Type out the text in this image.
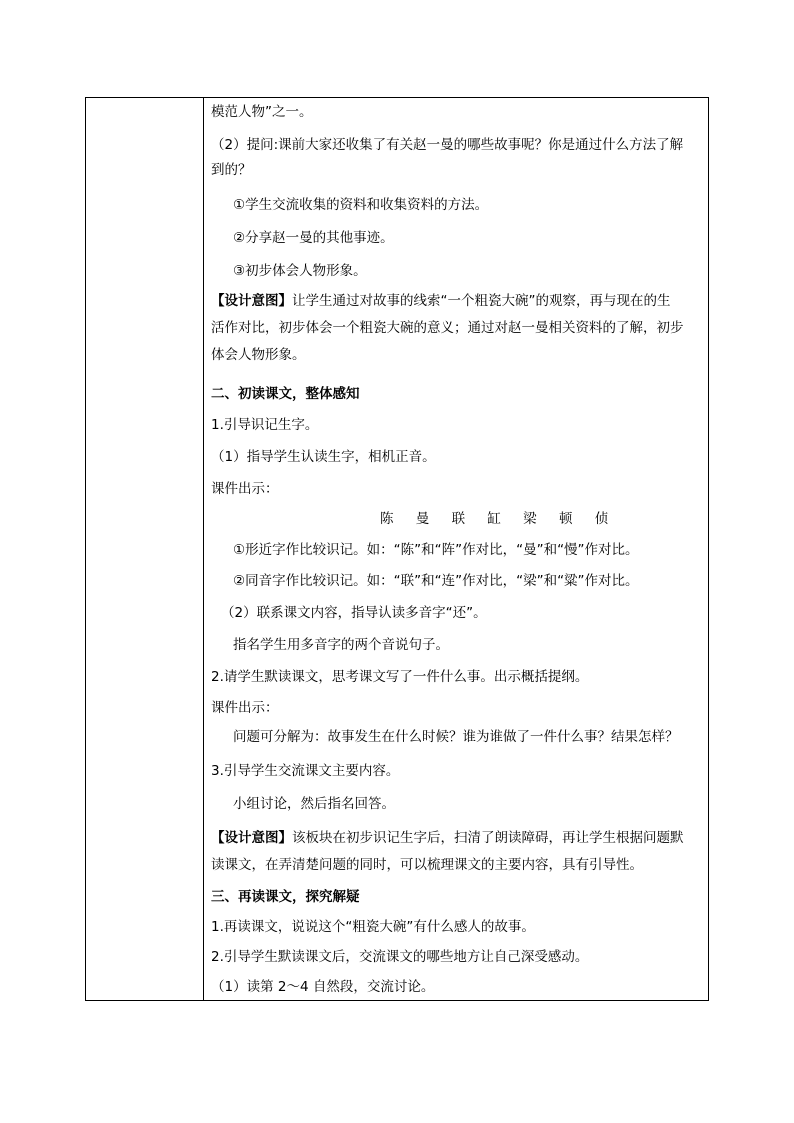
模范人物”之一。
（2）提问:课前大家还收集了有关赵一曼的哪些故事呢？你是通过什么方法了解
到的？
①学生交流收集的资料和收集资料的方法。
②分享赵一曼的其他事迹。
③初步体会人物形象。
【设计意图】让学生通过对故事的线索“一个粗瓷大碗”的观察，再与现在的生
活作对比，初步体会一个粗瓷大碗的意义；通过对赵一曼相关资料的了解，初步
体会人物形象。
二、初读课文，整体感知
1.引导识记生字。
（1）指导学生认读生字，相机正音。
课件出示：
陈 曼 联 缸 梁 顿 侦
①形近字作比较识记。如：“陈”和“阵”作对比，“曼”和“慢”作对比。
②同音字作比较识记。如：“联”和“连”作对比，“梁”和“粱”作对比。
（2）联系课文内容，指导认读多音字“还”。
指名学生用多音字的两个音说句子。
2.请学生默读课文，思考课文写了一件什么事。出示概括提纲。
课件出示：
问题可分解为：故事发生在什么时候？谁为谁做了一件什么事？结果怎样？
3.引导学生交流课文主要内容。
小组讨论，然后指名回答。
【设计意图】该板块在初步识记生字后，扫清了朗读障碍，再让学生根据问题默
读课文，在弄清楚问题的同时，可以梳理课文的主要内容，具有引导性。
三、再读课文，探究解疑
1.再读课文，说说这个“粗瓷大碗”有什么感人的故事。
2.引导学生默读课文后，交流课文的哪些地方让自己深受感动。
（1）读第 2～4 自然段，交流讨论。
